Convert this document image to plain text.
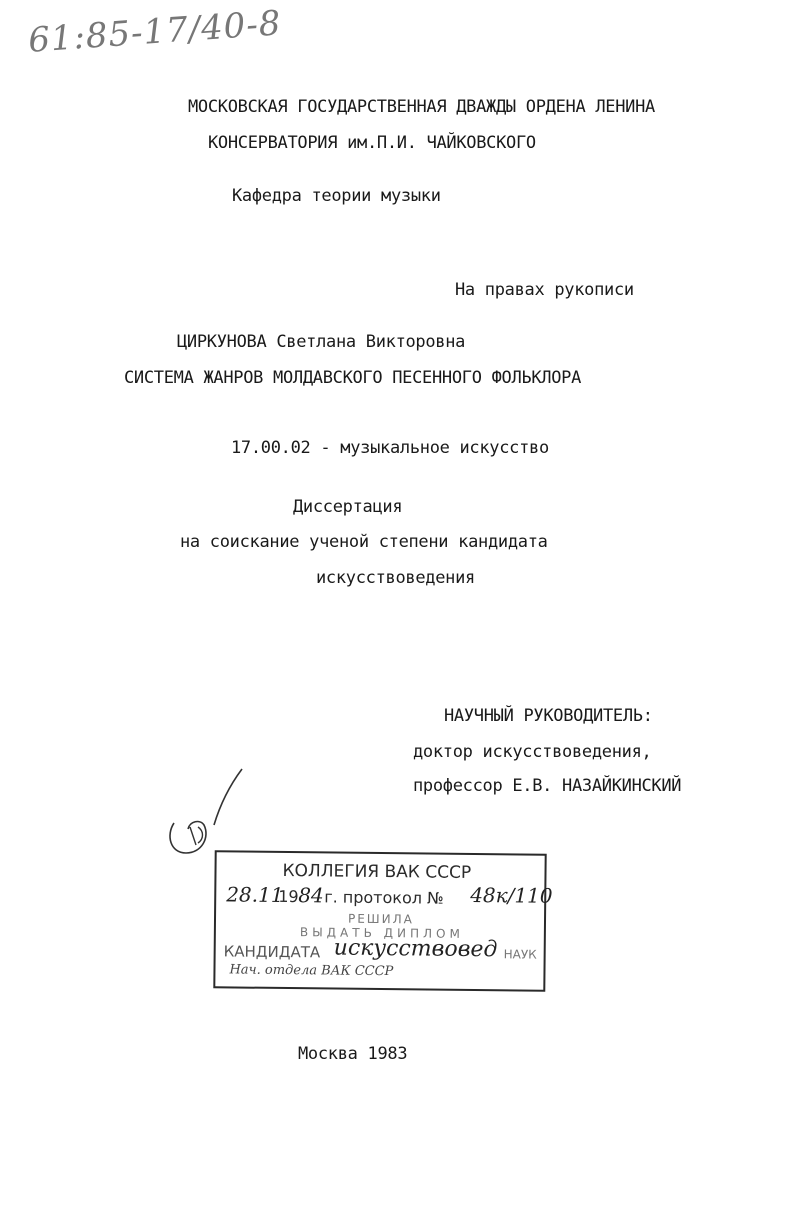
61:85-17/40-8
МОСКОВСКАЯ ГОСУДАРСТВЕННАЯ ДВАЖДЫ ОРДЕНА ЛЕНИНА
КОНСЕРВАТОРИЯ им.П.И. ЧАЙКОВСКОГО
Кафедра теории музыки
На правах рукописи
ЦИРКУНОВА Светлана Викторовна
СИСТЕМА ЖАНРОВ МОЛДАВСКОГО ПЕСЕННОГО ФОЛЬКЛОРА
17.00.02 - музыкальное искусство
Диссертация
на соискание ученой степени кандидата
искусствоведения
НАУЧНЫЙ РУКОВОДИТЕЛЬ:
доктор искусствоведения,
профессор Е.В. НАЗАЙКИНСКИЙ
КОЛЛЕГИЯ ВАК СССР
28.11
19 84 г. протокол № 48к/110
РЕШИЛА
ВЫДАТЬ ДИПЛОМ
КАНДИДАТА искусствовед НАУК
Нач. отдела ВАК СССР
Москва 1983
